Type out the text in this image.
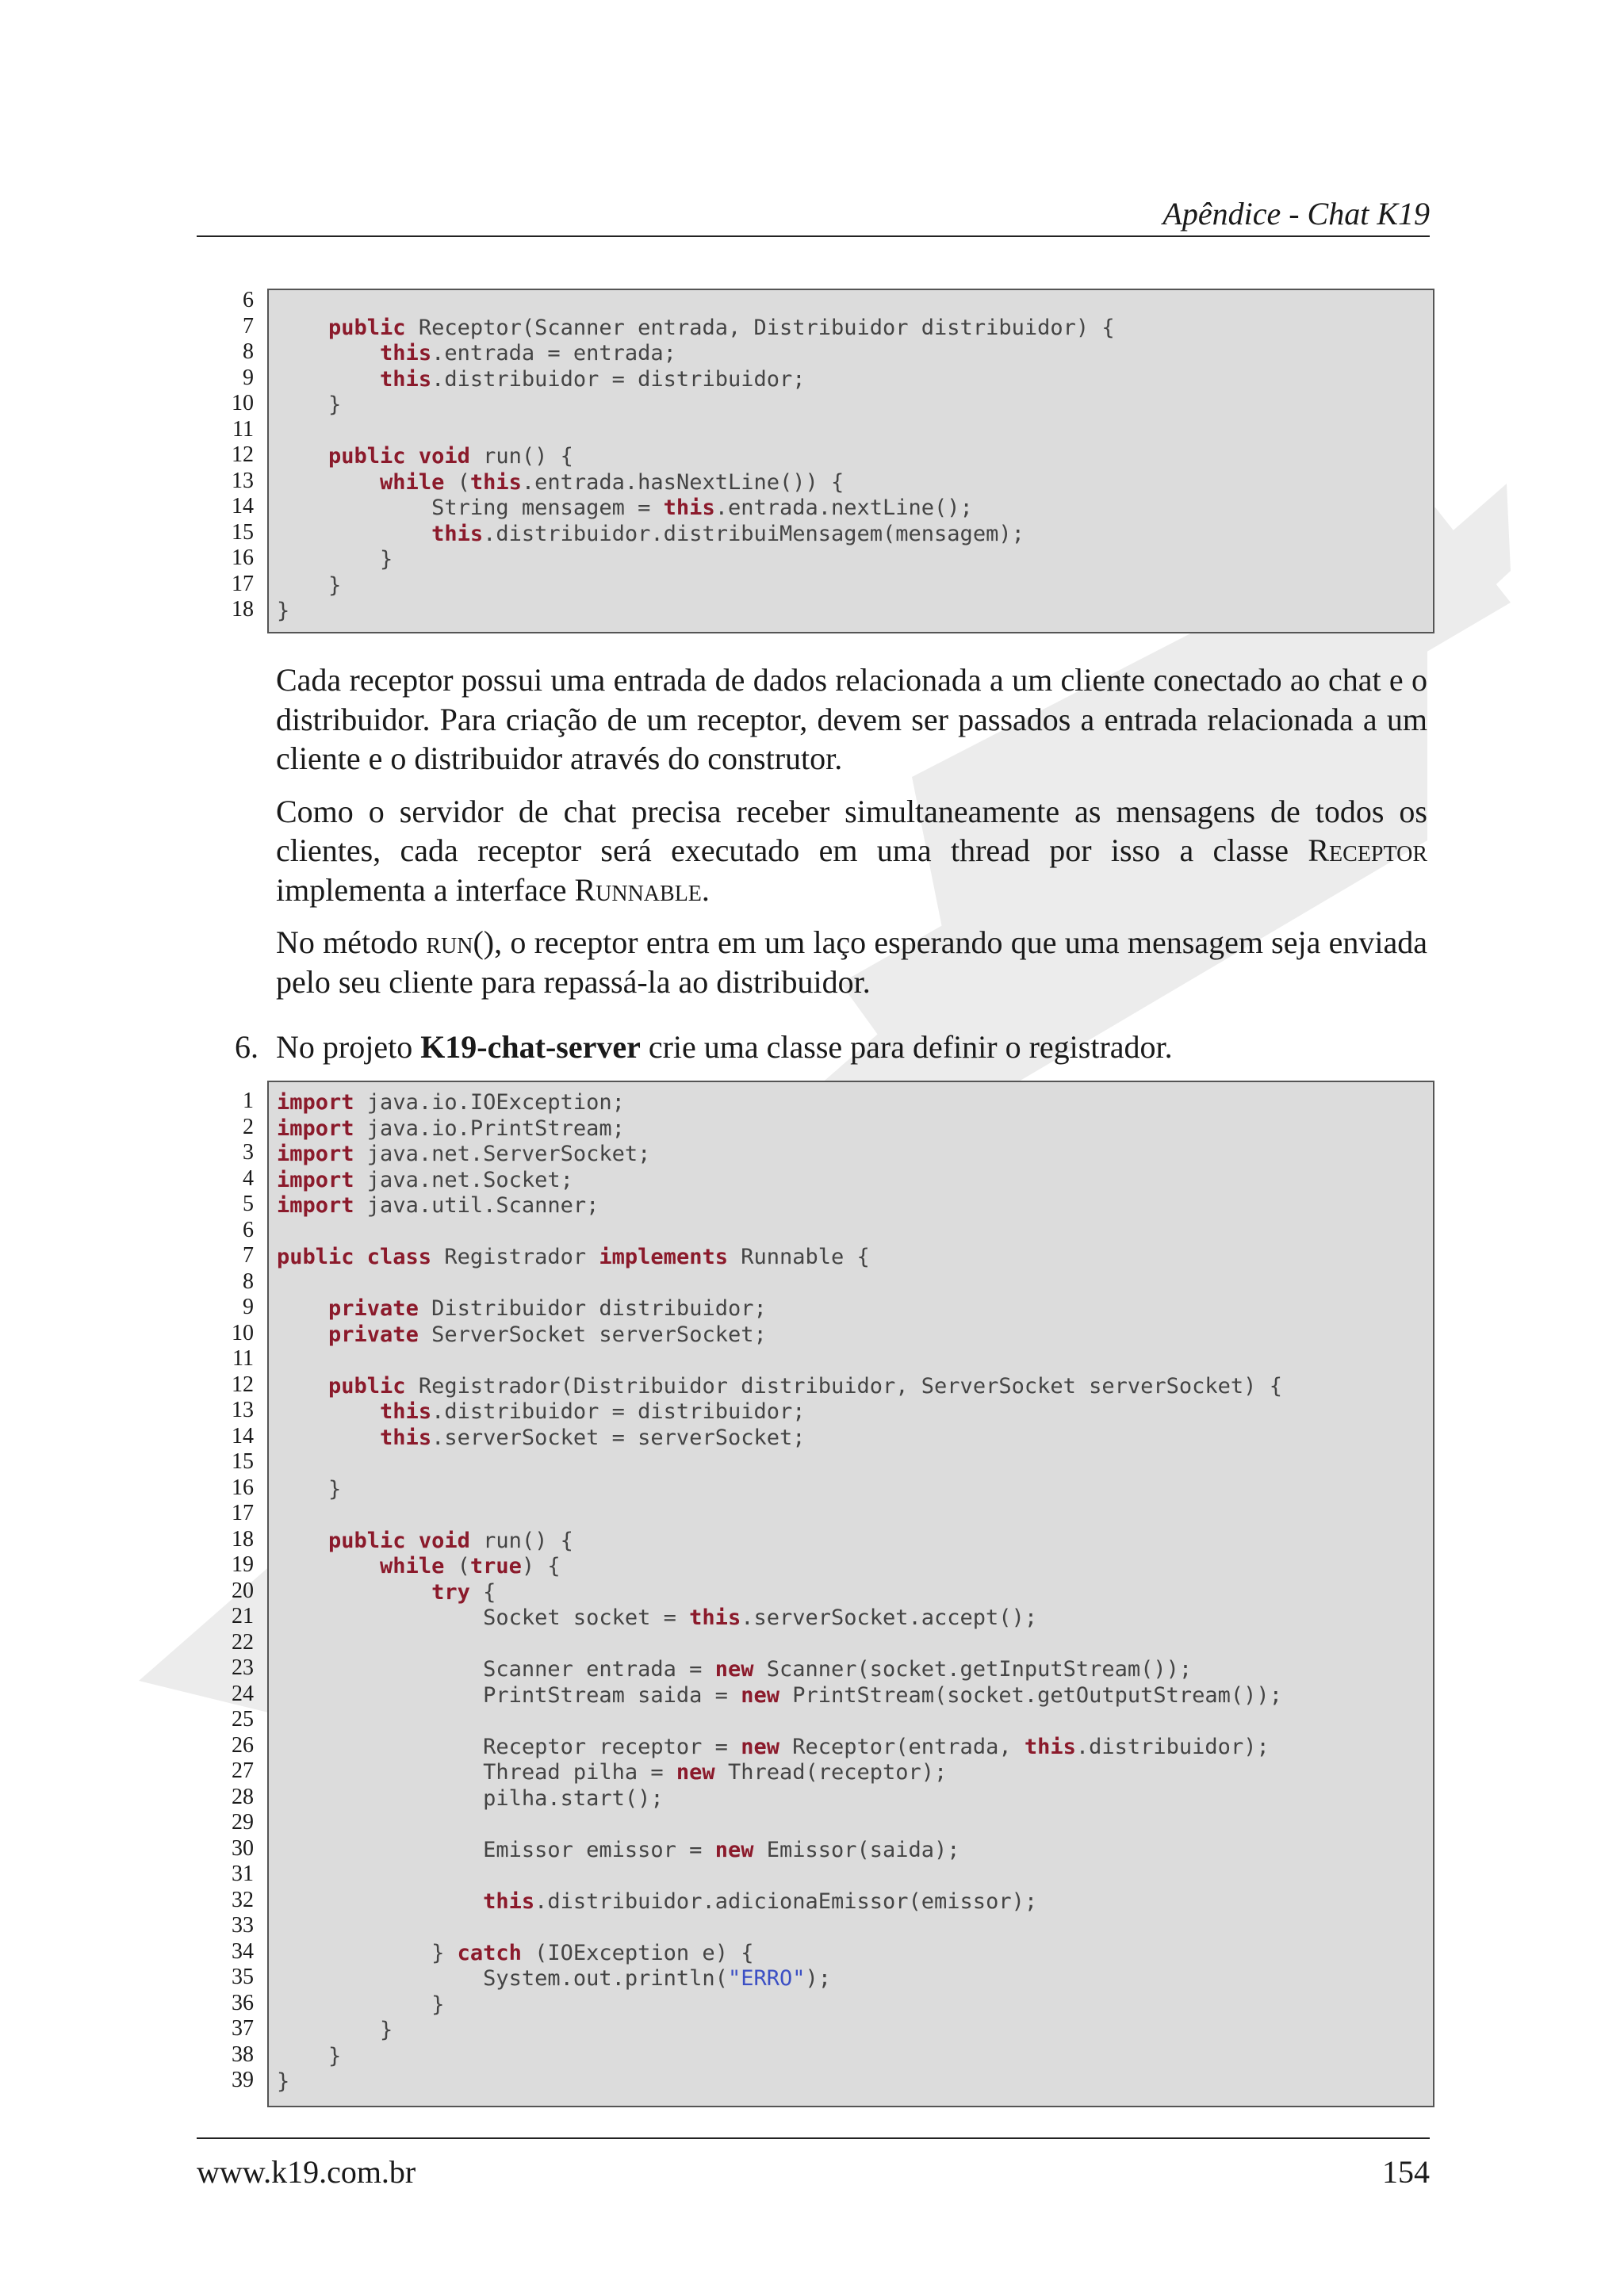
Apêndice - Chat K19
public Receptor(Scanner entrada, Distribuidor distribuidor) {
this.entrada = entrada;
this.distribuidor = distribuidor;
}
public void run() {
while (this.entrada.hasNextLine()) {
String mensagem = this.entrada.nextLine();
this.distribuidor.distribuiMensagem(mensagem);
}
}
}
6
7
8
9
10
11
12
13
14
15
16
17
18

Cada receptor possui uma entrada de dados relacionada a um cliente conectado ao chat e o distribuidor. Para criação de um receptor, devem ser passados a entrada relacionada a um cliente e o distribuidor através do construtor.

Como o servidor de chat precisa receber simultaneamente as mensagens de todos os clientes, cada receptor será executado em uma thread por isso a classe Receptor implementa a interface Runnable.

No método run(), o receptor entra em um laço esperando que uma mensagem seja enviada pelo seu cliente para repassá-la ao distribuidor.

6. No projeto K19-chat-server crie uma classe para definir o registrador.
import java.io.IOException;
import java.io.PrintStream;
import java.net.ServerSocket;
import java.net.Socket;
import java.util.Scanner;
public class Registrador implements Runnable {
private Distribuidor distribuidor;
private ServerSocket serverSocket;
public Registrador(Distribuidor distribuidor, ServerSocket serverSocket) {
this.distribuidor = distribuidor;
this.serverSocket = serverSocket;
}
public void run() {
while (true) {
try {
Socket socket = this.serverSocket.accept();
Scanner entrada = new Scanner(socket.getInputStream());
PrintStream saida = new PrintStream(socket.getOutputStream());
Receptor receptor = new Receptor(entrada, this.distribuidor);
Thread pilha = new Thread(receptor);
pilha.start();
Emissor emissor = new Emissor(saida);
this.distribuidor.adicionaEmissor(emissor);
} catch (IOException e) {
System.out.println("ERRO");
}
}
}
}
1
2
3
4
5
6
7
8
9
10
11
12
13
14
15
16
17
18
19
20
21
22
23
24
25
26
27
28
29
30
31
32
33
34
35
36
37
38
39
www.k19.com.br	154
